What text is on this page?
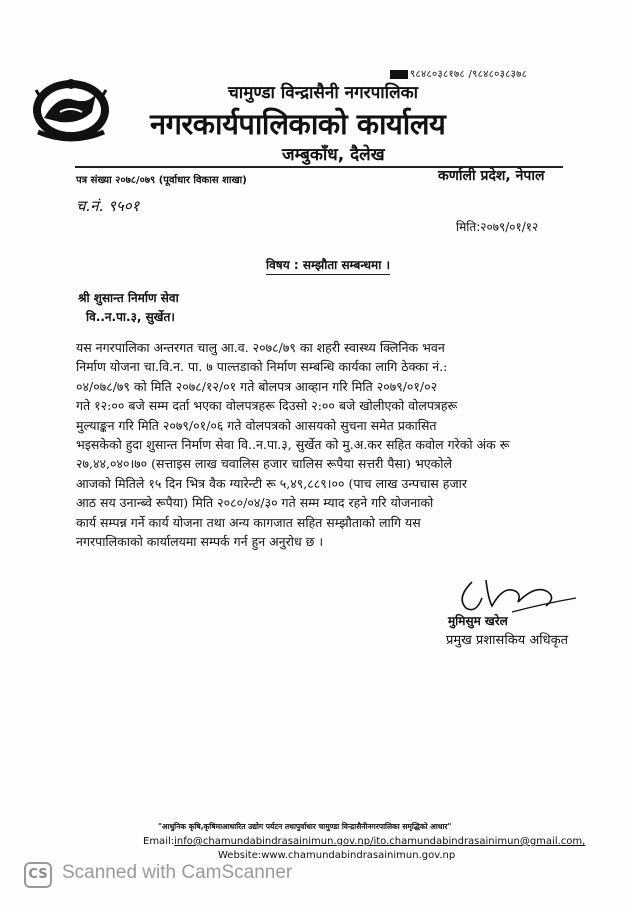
९८४८०३८१७८ /९८४८०३८३७८
चामुण्डा विन्द्रासैनी नगरपालिका
नगरकार्यपालिकाको कार्यालय
जम्बुकाँध, दैलेख
पत्र संख्या २०७८/०७९ (पूर्वाधार विकास शाखा)	कर्णाली प्रदेश, नेपाल
च.नं. ९५०१
मिति:२०७९/०१/१२
विषय : सम्झौता सम्बन्धमा ।
श्री शुसान्त निर्माण सेवा
वि..न.पा.३, सुर्खेत।
यस नगरपालिका अन्तरगत चालु आ.व. २०७८/७९ का शहरी स्वास्थ्य क्लिनिक भवन
निर्माण योजना चा.वि.न. पा. ७ पाल्तडाको निर्माण सम्बन्धि कार्यका लागि ठेक्का नं.:
०४/०७८/७९ को मिति २०७८/१२/०१ गते बोलपत्र आव्हान गरि मिति २०७९/०१/०२
गते १२:०० बजे सम्म दर्ता भएका वोलपत्रहरू दिउसो २:०० बजे खोलीएको वोलपत्रहरू
मुल्याङ्कन गरि मिति २०७९/०१/०६ गते वोलपत्रको आसयको सुचना समेत प्रकासित
भइसकेको हुदा शुसान्त निर्माण सेवा वि..न.पा.३, सुर्खेत को मु.अ.कर सहित कवोल गरेको अंक रू
२७,४४,०४०।७० (सत्ताइस लाख चवालिस हजार चालिस रूपैया सत्तरी पैसा) भएकोले
आजको मितिले १५ दिन भित्र वैक ग्यारेन्टी रू ५,४९,८८९।०० (पाच लाख उन्पचास हजार
आठ सय उनान्ब्वे रूपैया) मिति २०८०/०४/३० गते सम्म म्याद रहने गरि योजनाको
कार्य सम्पन्न गर्ने कार्य योजना तथा अन्य कागजात सहित सम्झौताको लागि यस
नगरपालिकाको कार्यालयमा सम्पर्क गर्न हुन अनुरोध छ ।
मुमिसुम खरेल
प्रमुख प्रशासकिय अधिकृत
"आधुनिक कृषि,कृषिमाआधारित उद्योग पर्यटन तथापुर्वाधार चामुण्डा विन्द्रासैनीनगरपालिका समृद्धिको आधार"
Email:info@chamundabindrasainimun.gov.np/ito.chamundabindrasainimun@gmail.com,
Website:www.chamundabindrasainimun.gov.np
CS Scanned with CamScanner
